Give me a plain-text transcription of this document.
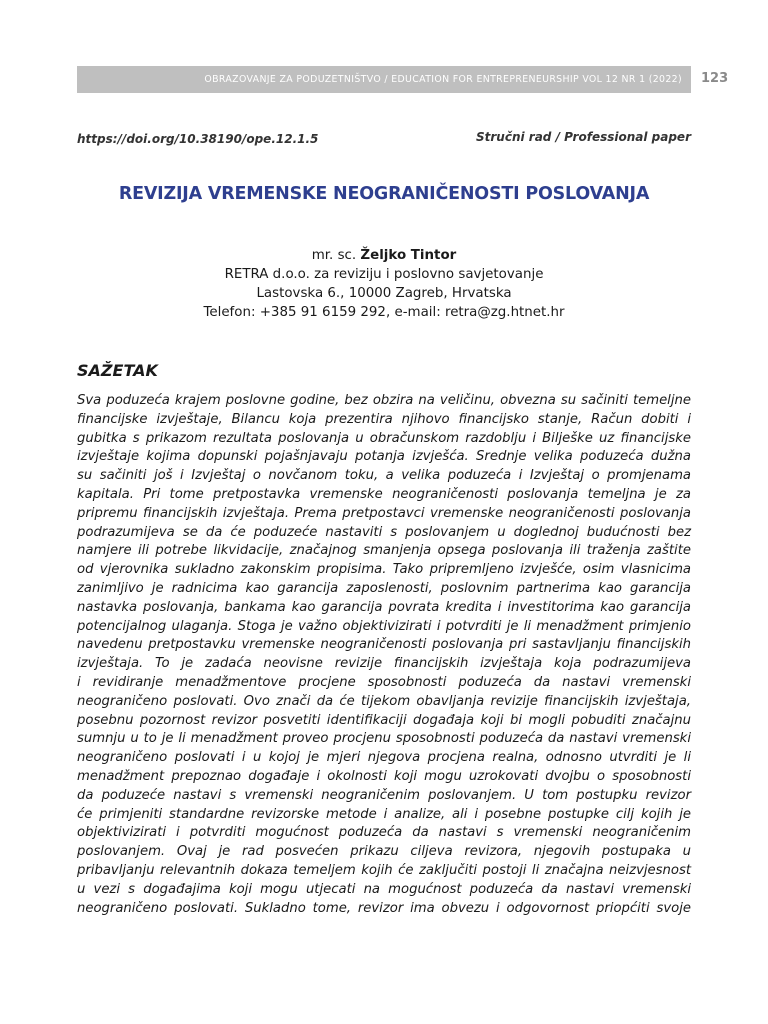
OBRAZOVANJE ZA PODUZETNIŠTVO / EDUCATION FOR ENTREPRENEURSHIP VOL 12 NR 1 (2022) 123
https://doi.org/10.38190/ope.12.1.5	Stručni rad / Professional paper
REVIZIJA VREMENSKE NEOGRANIČENOSTI POSLOVANJA
mr. sc. Željko Tintor
RETRA d.o.o. za reviziju i poslovno savjetovanje
Lastovska 6., 10000 Zagreb, Hrvatska
Telefon: +385 91 6159 292, e-mail: retra@zg.htnet.hr
SAŽETAK
Sva poduzeća krajem poslovne godine, bez obzira na veličinu, obvezna su sačiniti temeljne
financijske izvještaje, Bilancu koja prezentira njihovo financijsko stanje, Račun dobiti i
gubitka s prikazom rezultata poslovanja u obračunskom razdoblju i Bilješke uz financijske
izvještaje kojima dopunski pojašnjavaju potanja izvješća. Srednje velika poduzeća dužna
su sačiniti još i Izvještaj o novčanom toku, a velika poduzeća i Izvještaj o promjenama
kapitala. Pri tome pretpostavka vremenske neograničenosti poslovanja temeljna je za
pripremu financijskih izvještaja. Prema pretpostavci vremenske neograničenosti poslovanja
podrazumijeva se da će poduzeće nastaviti s poslovanjem u doglednoj budućnosti bez
namjere ili potrebe likvidacije, značajnog smanjenja opsega poslovanja ili traženja zaštite
od vjerovnika sukladno zakonskim propisima. Tako pripremljeno izvješće, osim vlasnicima
zanimljivo je radnicima kao garancija zaposlenosti, poslovnim partnerima kao garancija
nastavka poslovanja, bankama kao garancija povrata kredita i investitorima kao garancija
potencijalnog ulaganja. Stoga je važno objektivizirati i potvrditi je li menadžment primjenio
navedenu pretpostavku vremenske neograničenosti poslovanja pri sastavljanju financijskih
izvještaja. To je zadaća neovisne revizije financijskih izvještaja koja podrazumijeva
i revidiranje menadžmentove procjene sposobnosti poduzeća da nastavi vremenski
neograničeno poslovati. Ovo znači da će tijekom obavljanja revizije financijskih izvještaja,
posebnu pozornost revizor posvetiti identifikaciji događaja koji bi mogli pobuditi značajnu
sumnju u to je li menadžment proveo procjenu sposobnosti poduzeća da nastavi vremenski
neograničeno poslovati i u kojoj je mjeri njegova procjena realna, odnosno utvrditi je li
menadžment prepoznao događaje i okolnosti koji mogu uzrokovati dvojbu o sposobnosti
da poduzeće nastavi s vremenski neograničenim poslovanjem. U tom postupku revizor
će primjeniti standardne revizorske metode i analize, ali i posebne postupke cilj kojih je
objektivizirati i potvrditi mogućnost poduzeća da nastavi s vremenski neograničenim
poslovanjem. Ovaj je rad posvećen prikazu ciljeva revizora, njegovih postupaka u
pribavljanju relevantnih dokaza temeljem kojih će zaključiti postoji li značajna neizvjesnost
u vezi s događajima koji mogu utjecati na mogućnost poduzeća da nastavi vremenski
neograničeno poslovati. Sukladno tome, revizor ima obvezu i odgovornost priopćiti svoje
